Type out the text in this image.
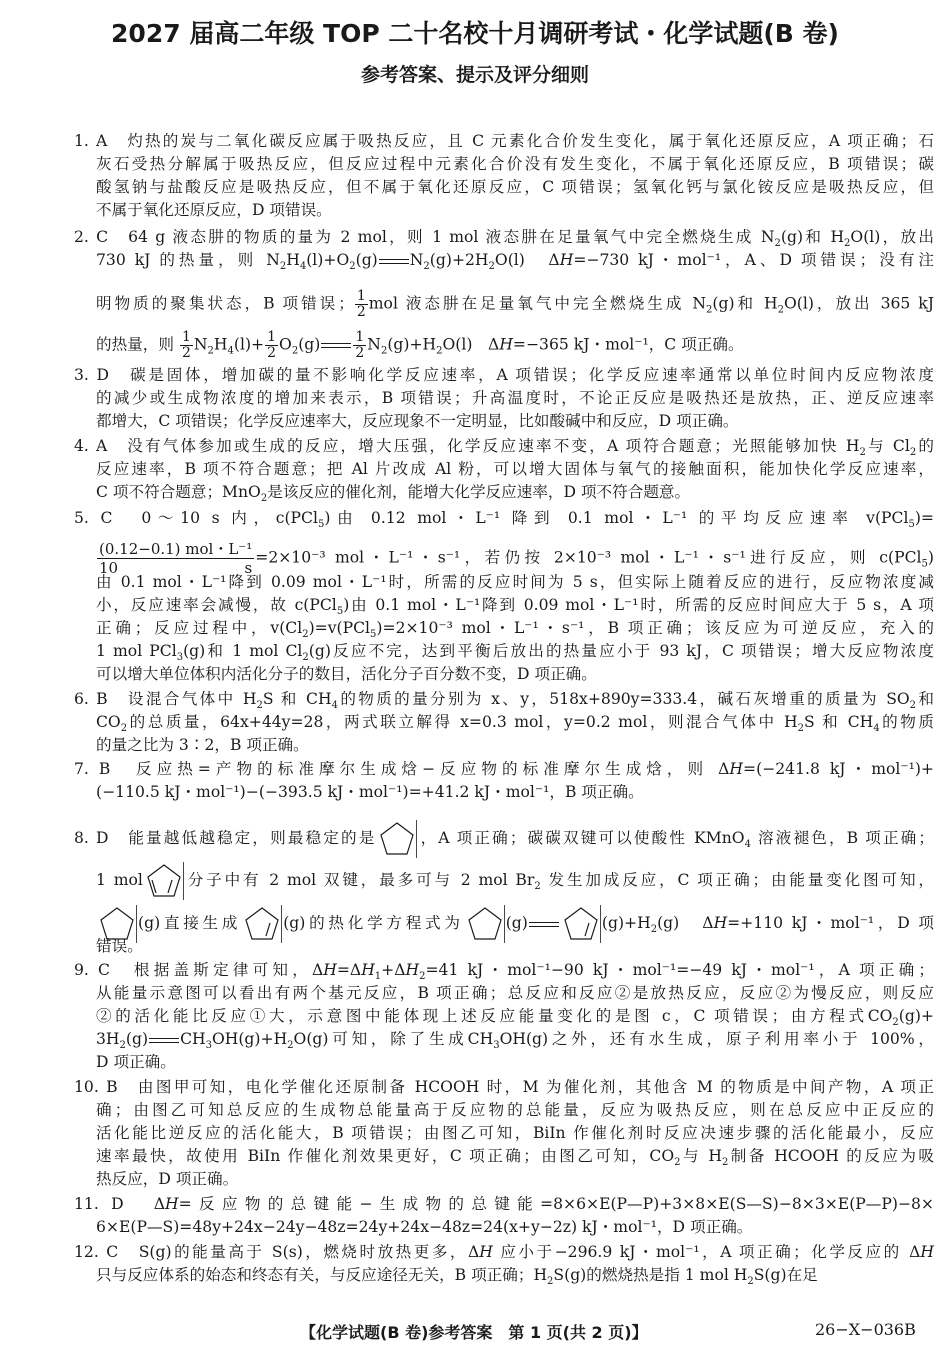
2027 届高二年级 TOP 二十名校十月调研考试・化学试题(B 卷)
参考答案、提示及评分细则
1. A　灼热的炭与二氧化碳反应属于吸热反应，且 C 元素化合价发生变化，属于氧化还原反应，A 项正确；石
灰石受热分解属于吸热反应，但反应过程中元素化合价没有发生变化，不属于氧化还原反应，B 项错误；碳
酸氢钠与盐酸反应是吸热反应，但不属于氧化还原反应，C 项错误；氢氧化钙与氯化铵反应是吸热反应，但
不属于氧化还原反应，D 项错误。
2. C　64 g 液态肼的物质的量为 2 mol，则 1 mol 液态肼在足量氧气中完全燃烧生成 $N_2(g)$和 $H_2O(l)$，放出
730 kJ 的热量，则 $N_2H_4(l)+O_2(g)$ $N_2(g)+2H_2O(l)$　ΔH=−730 kJ・mol⁻¹，A、D 项错误；没有注
明物质的聚集状态，B 项错误； $\frac{1}{2}$ mol 液态肼在足量氧气中完全燃烧生成 $N_2(g)$和 $H_2O(l)$，放出 365 kJ
的热量，则 $\frac{1}{2} N_2H_4(l)+ \frac{1}{2} O_2(g) \frac{1}{2} N_2(g)+H_2O(l)$　ΔH=−365 kJ・mol⁻¹，C 项正确。
3. D　碳是固体，增加碳的量不影响化学反应速率，A 项错误；化学反应速率通常以单位时间内反应物浓度
的减少或生成物浓度的增加来表示，B 项错误；升高温度时，不论正反应是吸热还是放热，正、逆反应速率
都增大，C 项错误；化学反应速率大，反应现象不一定明显，比如酸碱中和反应，D 项正确。
4. A　没有气体参加或生成的反应，增大压强，化学反应速率不变，A 项符合题意；光照能够加快 $H_2$与 $Cl_2$的
反应速率，B 项不符合题意；把 Al 片改成 Al 粉，可以增大固体与氧气的接触面积，能加快化学反应速率，
C 项不符合题意；MnO$_2$是该反应的催化剂，能增大化学反应速率，D 项不符合题意。
5. C　0～10 s 内，c(PCl$_5$)由 0.12 mol・L⁻¹ 降到 0.1 mol・L⁻¹ 的平均反应速率 v(PCl$_5$)=
$\frac{\text{(0.12−0.1) mol・L⁻¹}}{10 s} =2\times 10^{-3}$ mol・L⁻¹・s⁻¹，若仍按 2×10⁻³ mol・L⁻¹・s⁻¹进行反应，则 c(PCl$_5$)
由 0.1 mol・L⁻¹降到 0.09 mol・L⁻¹时，所需的反应时间为 5 s，但实际上随着反应的进行，反应物浓度减
小，反应速率会减慢，故 c(PCl$_5$)由 0.1 mol・L⁻¹降到 0.09 mol・L⁻¹时，所需的反应时间应大于 5 s，A 项
正确；反应过程中，$v(Cl_2)=v(PCl_5)=2\times 10^{-3}$ mol・L⁻¹・s⁻¹，B 项正确；该反应为可逆反应，充入的
1 mol PCl$_3$(g)和 1 mol $Cl_2(g)$反应不完，达到平衡后放出的热量应小于 93 kJ，C 项错误；增大反应物浓度
可以增大单位体积内活化分子的数目，活化分子百分数不变，D 项正确。
6. B　设混合气体中 $H_2S$ 和 $CH_4$的物质的量分别为 x、y，518x+890y=333.4，碱石灰增重的质量为 $SO_2$和
$CO_2$的总质量，64x+44y=28，两式联立解得 x=0.3 mol，y=0.2 mol，则混合气体中 $H_2S$ 和 $CH_4$的物质
的量之比为 3∶2，B 项正确。
7. B　反应热=产物的标准摩尔生成焓−反应物的标准摩尔生成焓，则 ΔH=(−241.8 kJ・mol⁻¹)+
(−110.5 kJ・mol⁻¹)−(−393.5 kJ・mol⁻¹)=+41.2 kJ・mol⁻¹，B 项正确。
8. D　能量越低越稳定，则最稳定的是	，A 项正确；碳碳双键可以使酸性 KMnO$_4$ 溶液褪色，B 项正确；
1 mol	分子中有 2 mol 双键，最多可与 2 mol $Br_2$ 发生加成反应，C 项正确；由能量变化图可知，
(g)直接生成	(g)的热化学方程式为	(g)	$(g)+H_2(g)$　ΔH=+110 kJ・mol⁻¹，D 项
错误。
9. C　根据盖斯定律可知，$\Delta H=\Delta H_1+\Delta H_2=41$ kJ・mol⁻¹−90 kJ・mol⁻¹=−49 kJ・mol⁻¹，A 项正确；
从能量示意图可以看出有两个基元反应，B 项正确；总反应和反应②是放热反应，反应②为慢反应，则反应
②的活化能比反应①大，示意图中能体现上述反应能量变化的是图 c，C 项错误；由方程式$CO_2(g)+$
$3H_2(g)$ $CH_3OH(g)+H_2O(g)$可知，除了生成$CH_3OH(g)$之外，还有水生成，原子利用率小于 100%，
D 项正确。
10. B　由图甲可知，电化学催化还原制备 HCOOH 时，M 为催化剂，其他含 M 的物质是中间产物，A 项正
确；由图乙可知总反应的生成物总能量高于反应物的总能量，反应为吸热反应，则在总反应中正反应的
活化能比逆反应的活化能大，B 项错误；由图乙可知，BiIn 作催化剂时反应决速步骤的活化能最小，反应
速率最快，故使用 BiIn 作催化剂效果更好，C 项正确；由图乙可知，$CO_2$与 $H_2$制备 HCOOH 的反应为吸
热反应，D 项正确。
11. D　ΔH=反应物的总键能−生成物的总键能=8×6×E(P—P)+3×8×E(S—S)−8×3×E(P—P)−8×
6×E(P—S)=48y+24x−24y−48z=24y+24x−48z=24(x+y−2z) kJ・mol⁻¹，D 项正确。
12. C　S(g)的能量高于 S(s)，燃烧时放热更多，ΔH 应小于−296.9 kJ・mol⁻¹，A 项正确；化学反应的 ΔH
只与反应体系的始态和终态有关，与反应途径无关，B 项正确；$H_2S(g)$的燃烧热是指 1 mol $H_2S(g)$在足
【化学试题(B 卷)参考答案　第 1 页(共 2 页)】	26−X−036B
